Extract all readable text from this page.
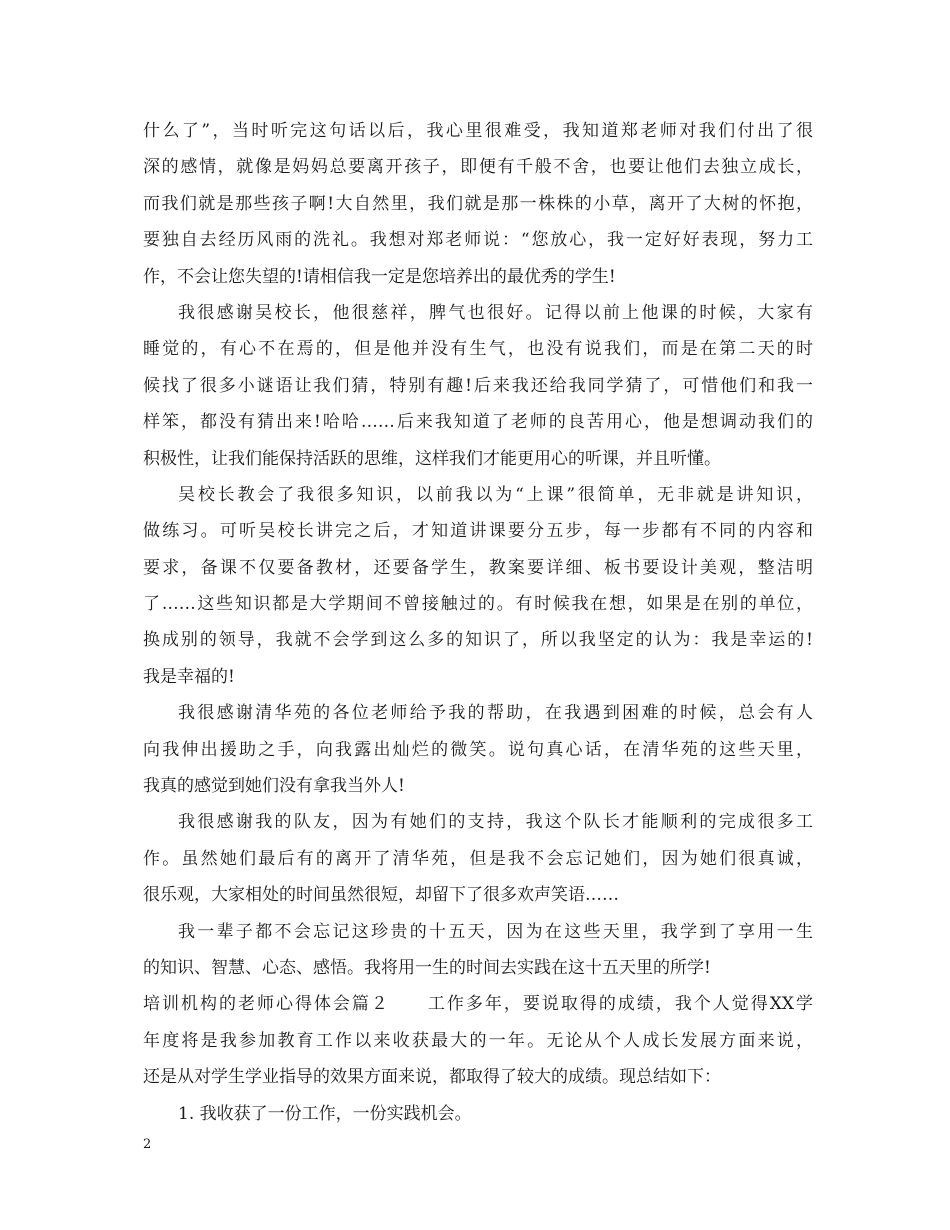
什么了”，当时听完这句话以后，我心里很难受，我知道郑老师对我们付出了很
深的感情，就像是妈妈总要离开孩子，即便有千般不舍，也要让他们去独立成长，
而我们就是那些孩子啊!大自然里，我们就是那一株株的小草，离开了大树的怀抱，
要独自去经历风雨的洗礼。我想对郑老师说：“您放心，我一定好好表现，努力工
作，不会让您失望的!请相信我一定是您培养出的最优秀的学生!
我很感谢吴校长，他很慈祥，脾气也很好。记得以前上他课的时候，大家有
睡觉的，有心不在焉的，但是他并没有生气，也没有说我们，而是在第二天的时
候找了很多小谜语让我们猜，特别有趣!后来我还给我同学猜了，可惜他们和我一
样笨，都没有猜出来!哈哈……后来我知道了老师的良苦用心，他是想调动我们的
积极性，让我们能保持活跃的思维，这样我们才能更用心的听课，并且听懂。
吴校长教会了我很多知识，以前我以为“上课”很简单，无非就是讲知识，
做练习。可听吴校长讲完之后，才知道讲课要分五步，每一步都有不同的内容和
要求，备课不仅要备教材，还要备学生，教案要详细、板书要设计美观，整洁明
了……这些知识都是大学期间不曾接触过的。有时候我在想，如果是在别的单位，
换成别的领导，我就不会学到这么多的知识了，所以我坚定的认为：我是幸运的!
我是幸福的!
我很感谢清华苑的各位老师给予我的帮助，在我遇到困难的时候，总会有人
向我伸出援助之手，向我露出灿烂的微笑。说句真心话，在清华苑的这些天里，
我真的感觉到她们没有拿我当外人!
我很感谢我的队友，因为有她们的支持，我这个队长才能顺利的完成很多工
作。虽然她们最后有的离开了清华苑，但是我不会忘记她们，因为她们很真诚，
很乐观，大家相处的时间虽然很短，却留下了很多欢声笑语……
我一辈子都不会忘记这珍贵的十五天，因为在这些天里，我学到了享用一生
的知识、智慧、心态、感悟。我将用一生的时间去实践在这十五天里的所学!
培训机构的老师心得体会篇２　　工作多年，要说取得的成绩，我个人觉得XX学
年度将是我参加教育工作以来收获最大的一年。无论从个人成长发展方面来说，
还是从对学生学业指导的效果方面来说，都取得了较大的成绩。现总结如下：
1. 我收获了一份工作，一份实践机会。
2
